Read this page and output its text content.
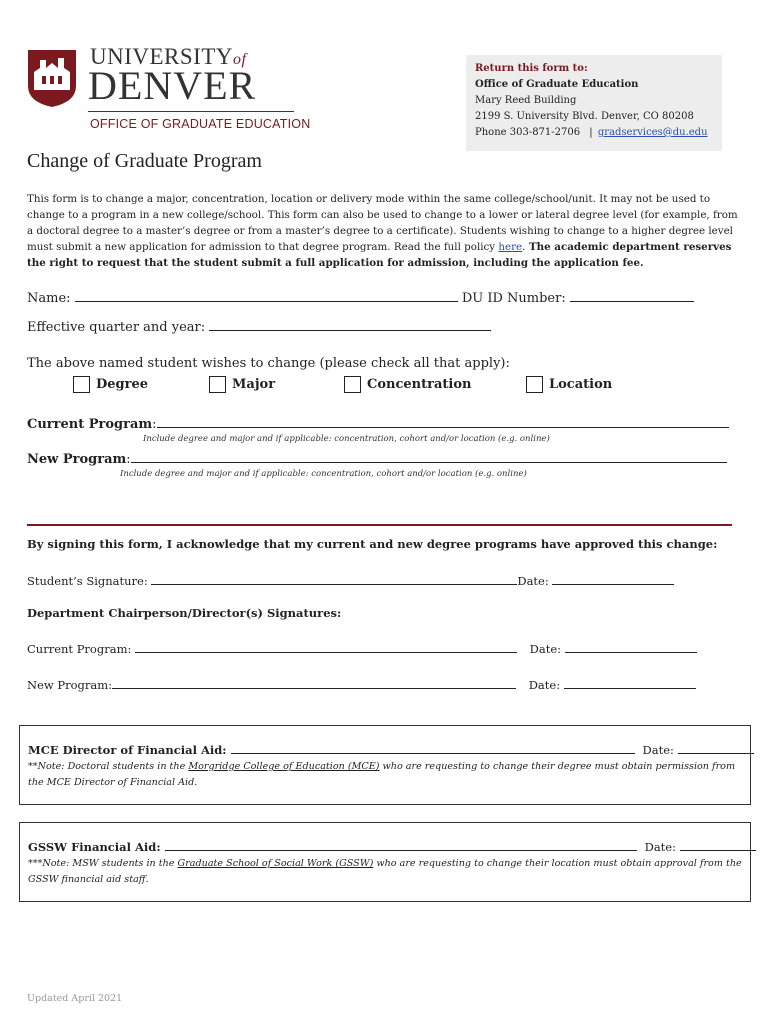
UNIVERSITYof
DENVER
OFFICE OF GRADUATE EDUCATION
Return this form to:
Office of Graduate Education
Mary Reed Building
2199 S. University Blvd. Denver, CO 80208
Phone 303-871-2706 | gradservices@du.edu
Change of Graduate Program
This form is to change a major, concentration, location or delivery mode within the same college/school/unit. It may not be used to change to a program in a new college/school. This form can also be used to change to a lower or lateral degree level (for example, from a doctoral degree to a master’s degree or from a master’s degree to a certificate). Students wishing to change to a higher degree level must submit a new application for admission to that degree program. Read the full policy here. The academic department reserves the right to request that the student submit a full application for admission, including the application fee.
Name:	DU ID Number:
Effective quarter and year:
The above named student wishes to change (please check all that apply):
Degree	Major	Concentration	Location
Current Program:
Include degree and major and if applicable: concentration, cohort and/or location (e.g. online)
New Program:
Include degree and major and if applicable: concentration, cohort and/or location (e.g. online)
By signing this form, I acknowledge that my current and new degree programs have approved this change:
Student’s Signature:	Date:
Department Chairperson/Director(s) Signatures:
Current Program:	Date:
New Program:	Date:
MCE Director of Financial Aid:	Date:
**Note: Doctoral students in the Morgridge College of Education (MCE) who are requesting to change their degree must obtain permission from the MCE Director of Financial Aid.
GSSW Financial Aid:	Date:
***Note: MSW students in the Graduate School of Social Work (GSSW) who are requesting to change their location must obtain approval from the GSSW financial aid staff.
Updated April 2021
